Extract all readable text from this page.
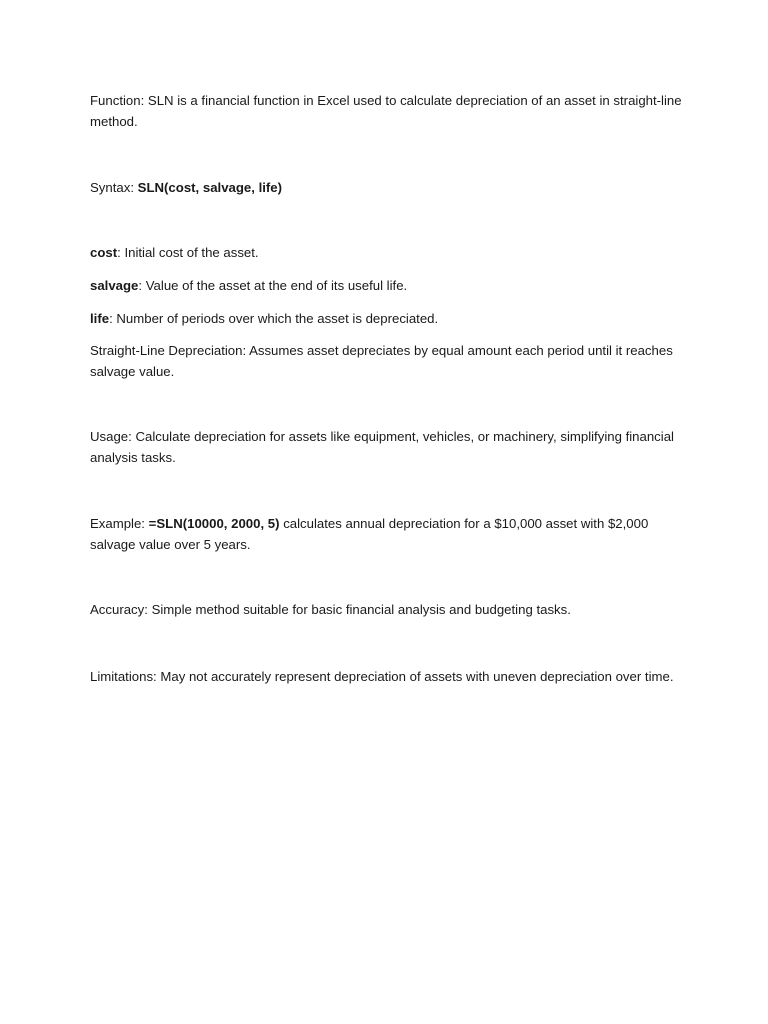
Function: SLN is a financial function in Excel used to calculate depreciation of an asset in straight-line method.

Syntax: SLN(cost, salvage, life)

cost: Initial cost of the asset.

salvage: Value of the asset at the end of its useful life.

life: Number of periods over which the asset is depreciated.

Straight-Line Depreciation: Assumes asset depreciates by equal amount each period until it reaches salvage value.

Usage: Calculate depreciation for assets like equipment, vehicles, or machinery, simplifying financial analysis tasks.

Example: =SLN(10000, 2000, 5) calculates annual depreciation for a $10,000 asset with $2,000 salvage value over 5 years.

Accuracy: Simple method suitable for basic financial analysis and budgeting tasks.

Limitations: May not accurately represent depreciation of assets with uneven depreciation over time.
